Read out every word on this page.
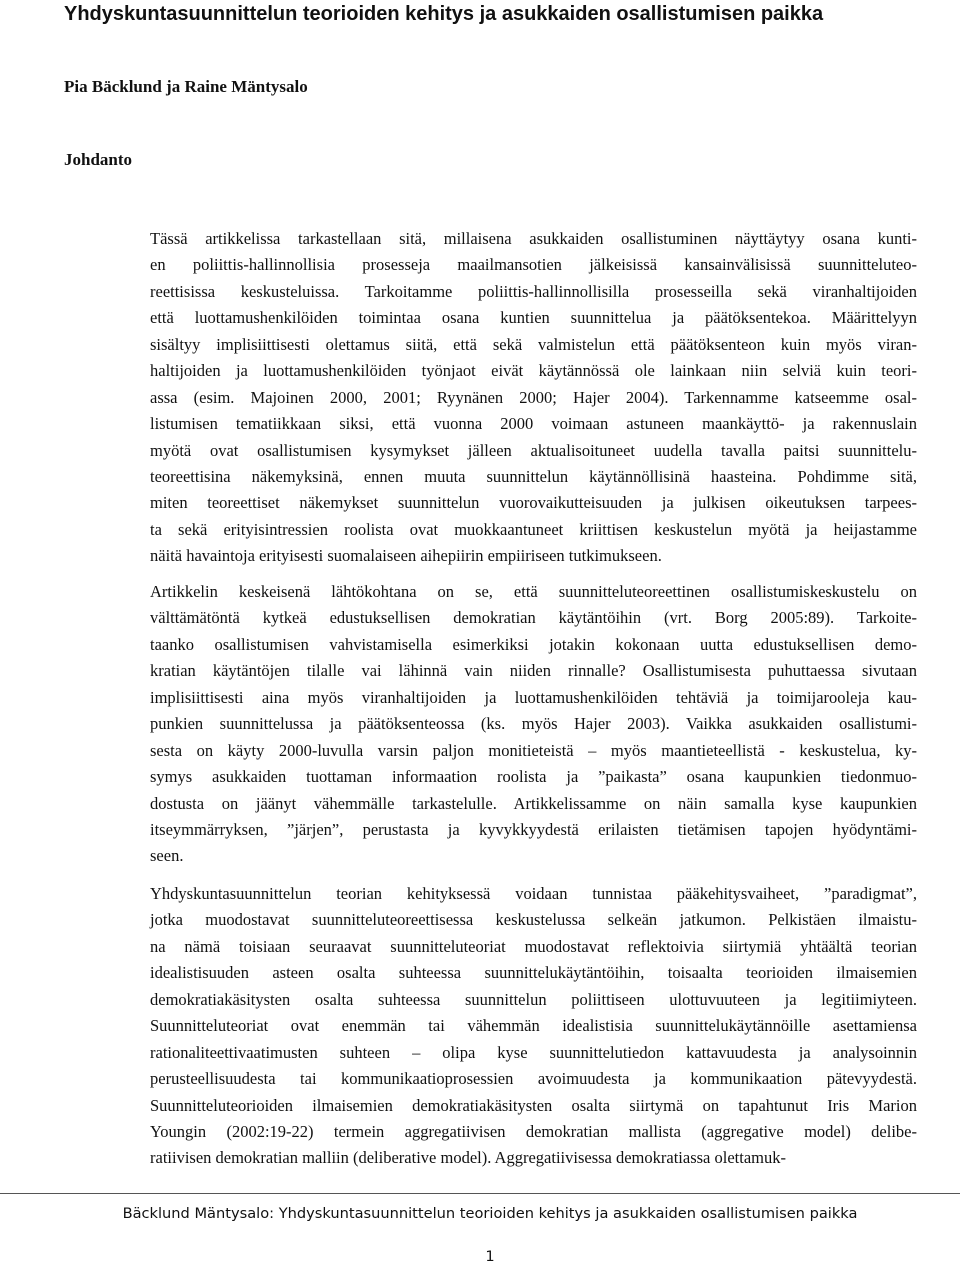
Yhdyskuntasuunnittelun teorioiden kehitys ja asukkaiden osallistumisen paikka
Pia Bäcklund ja Raine Mäntysalo
Johdanto
Tässä artikkelissa tarkastellaan sitä, millaisena asukkaiden osallistuminen näyttäytyy osana kunti-
en poliittis-hallinnollisia prosesseja maailmansotien jälkeisissä kansainvälisissä suunnitteluteo-
reettisissa keskusteluissa. Tarkoitamme poliittis-hallinnollisilla prosesseilla sekä viranhaltijoiden
että luottamushenkilöiden toimintaa osana kuntien suunnittelua ja päätöksentekoa. Määrittelyyn
sisältyy implisiittisesti olettamus siitä, että sekä valmistelun että päätöksenteon kuin myös viran-
haltijoiden ja luottamushenkilöiden työnjaot eivät käytännössä ole lainkaan niin selviä kuin teori-
assa (esim. Majoinen 2000, 2001; Ryynänen 2000; Hajer 2004). Tarkennamme katseemme osal-
listumisen tematiikkaan siksi, että vuonna 2000 voimaan astuneen maankäyttö- ja rakennuslain
myötä ovat osallistumisen kysymykset jälleen aktualisoituneet uudella tavalla paitsi suunnittelu-
teoreettisina näkemyksinä, ennen muuta suunnittelun käytännöllisinä haasteina. Pohdimme sitä,
miten teoreettiset näkemykset suunnittelun vuorovaikutteisuuden ja julkisen oikeutuksen tarpees-
ta sekä erityisintressien roolista ovat muokkaantuneet kriittisen keskustelun myötä ja heijastamme
näitä havaintoja erityisesti suomalaiseen aihepiirin empiiriseen tutkimukseen.
Artikkelin keskeisenä lähtökohtana on se, että suunnitteluteoreettinen osallistumiskeskustelu on
välttämätöntä kytkeä edustuksellisen demokratian käytäntöihin (vrt. Borg 2005:89). Tarkoite-
taanko osallistumisen vahvistamisella esimerkiksi jotakin kokonaan uutta edustuksellisen demo-
kratian käytäntöjen tilalle vai lähinnä vain niiden rinnalle? Osallistumisesta puhuttaessa sivutaan
implisiittisesti aina myös viranhaltijoiden ja luottamushenkilöiden tehtäviä ja toimijarooleja kau-
punkien suunnittelussa ja päätöksenteossa (ks. myös Hajer 2003). Vaikka asukkaiden osallistumi-
sesta on käyty 2000-luvulla varsin paljon monitieteistä – myös maantieteellistä - keskustelua, ky-
symys asukkaiden tuottaman informaation roolista ja ”paikasta” osana kaupunkien tiedonmuo-
dostusta on jäänyt vähemmälle tarkastelulle. Artikkelissamme on näin samalla kyse kaupunkien
itseymmärryksen, ”järjen”, perustasta ja kyvykkyydestä erilaisten tietämisen tapojen hyödyntämi-
seen.
Yhdyskuntasuunnittelun teorian kehityksessä voidaan tunnistaa pääkehitysvaiheet, ”paradigmat”,
jotka muodostavat suunnitteluteoreettisessa keskustelussa selkeän jatkumon. Pelkistäen ilmaistu-
na nämä toisiaan seuraavat suunnitteluteoriat muodostavat reflektoivia siirtymiä yhtäältä teorian
idealistisuuden asteen osalta suhteessa suunnittelukäytäntöihin, toisaalta teorioiden ilmaisemien
demokratiakäsitysten osalta suhteessa suunnittelun poliittiseen ulottuvuuteen ja legitiimiyteen.
Suunnitteluteoriat ovat enemmän tai vähemmän idealistisia suunnittelukäytännöille asettamiensa
rationaliteettivaatimusten suhteen – olipa kyse suunnittelutiedon kattavuudesta ja analysoinnin
perusteellisuudesta tai kommunikaatioprosessien avoimuudesta ja kommunikaation pätevyydestä.
Suunnitteluteorioiden ilmaisemien demokratiakäsitysten osalta siirtymä on tapahtunut Iris Marion
Youngin (2002:19-22) termein aggregatiivisen demokratian mallista (aggregative model) delibe-
ratiivisen demokratian malliin (deliberative model). Aggregatiivisessa demokratiassa olettamuk-
Bäcklund Mäntysalo: Yhdyskuntasuunnittelun teorioiden kehitys ja asukkaiden osallistumisen paikka
1
